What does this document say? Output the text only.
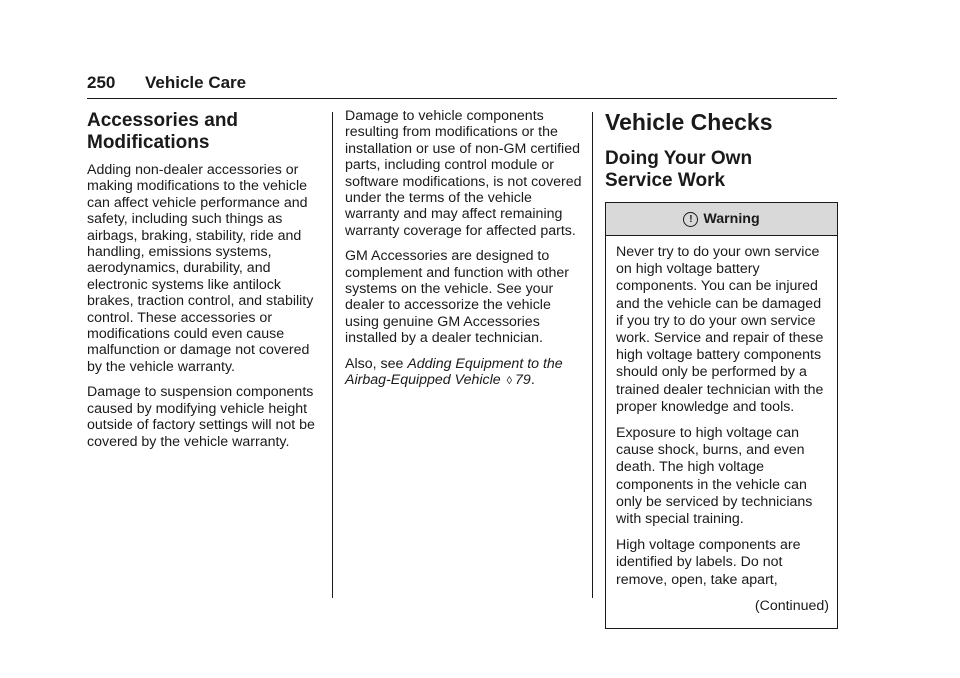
250 Vehicle Care
Accessories and
Modifications

Adding non-dealer accessories or making modifications to the vehicle can affect vehicle performance and safety, including such things as airbags, braking, stability, ride and handling, emissions systems, aerodynamics, durability, and electronic systems like antilock brakes, traction control, and stability control. These accessories or modifications could even cause malfunction or damage not covered by the vehicle warranty.

Damage to suspension components caused by modifying vehicle height outside of factory settings will not be covered by the vehicle warranty.

Damage to vehicle components resulting from modifications or the installation or use of non-GM certified parts, including control module or software modifications, is not covered under the terms of the vehicle warranty and may affect remaining warranty coverage for affected parts.

GM Accessories are designed to complement and function with other systems on the vehicle. See your dealer to accessorize the vehicle using genuine GM Accessories installed by a dealer technician.

Also, see Adding Equipment to the Airbag-Equipped Vehicle ◊ 79.

Vehicle Checks
Doing Your Own
Service Work
! Warning

Never try to do your own service on high voltage battery components. You can be injured and the vehicle can be damaged if you try to do your own service work. Service and repair of these high voltage battery components should only be performed by a trained dealer technician with the proper knowledge and tools.

Exposure to high voltage can cause shock, burns, and even death. The high voltage components in the vehicle can only be serviced by technicians with special training.

High voltage components are identified by labels. Do not remove, open, take apart,

(Continued)
